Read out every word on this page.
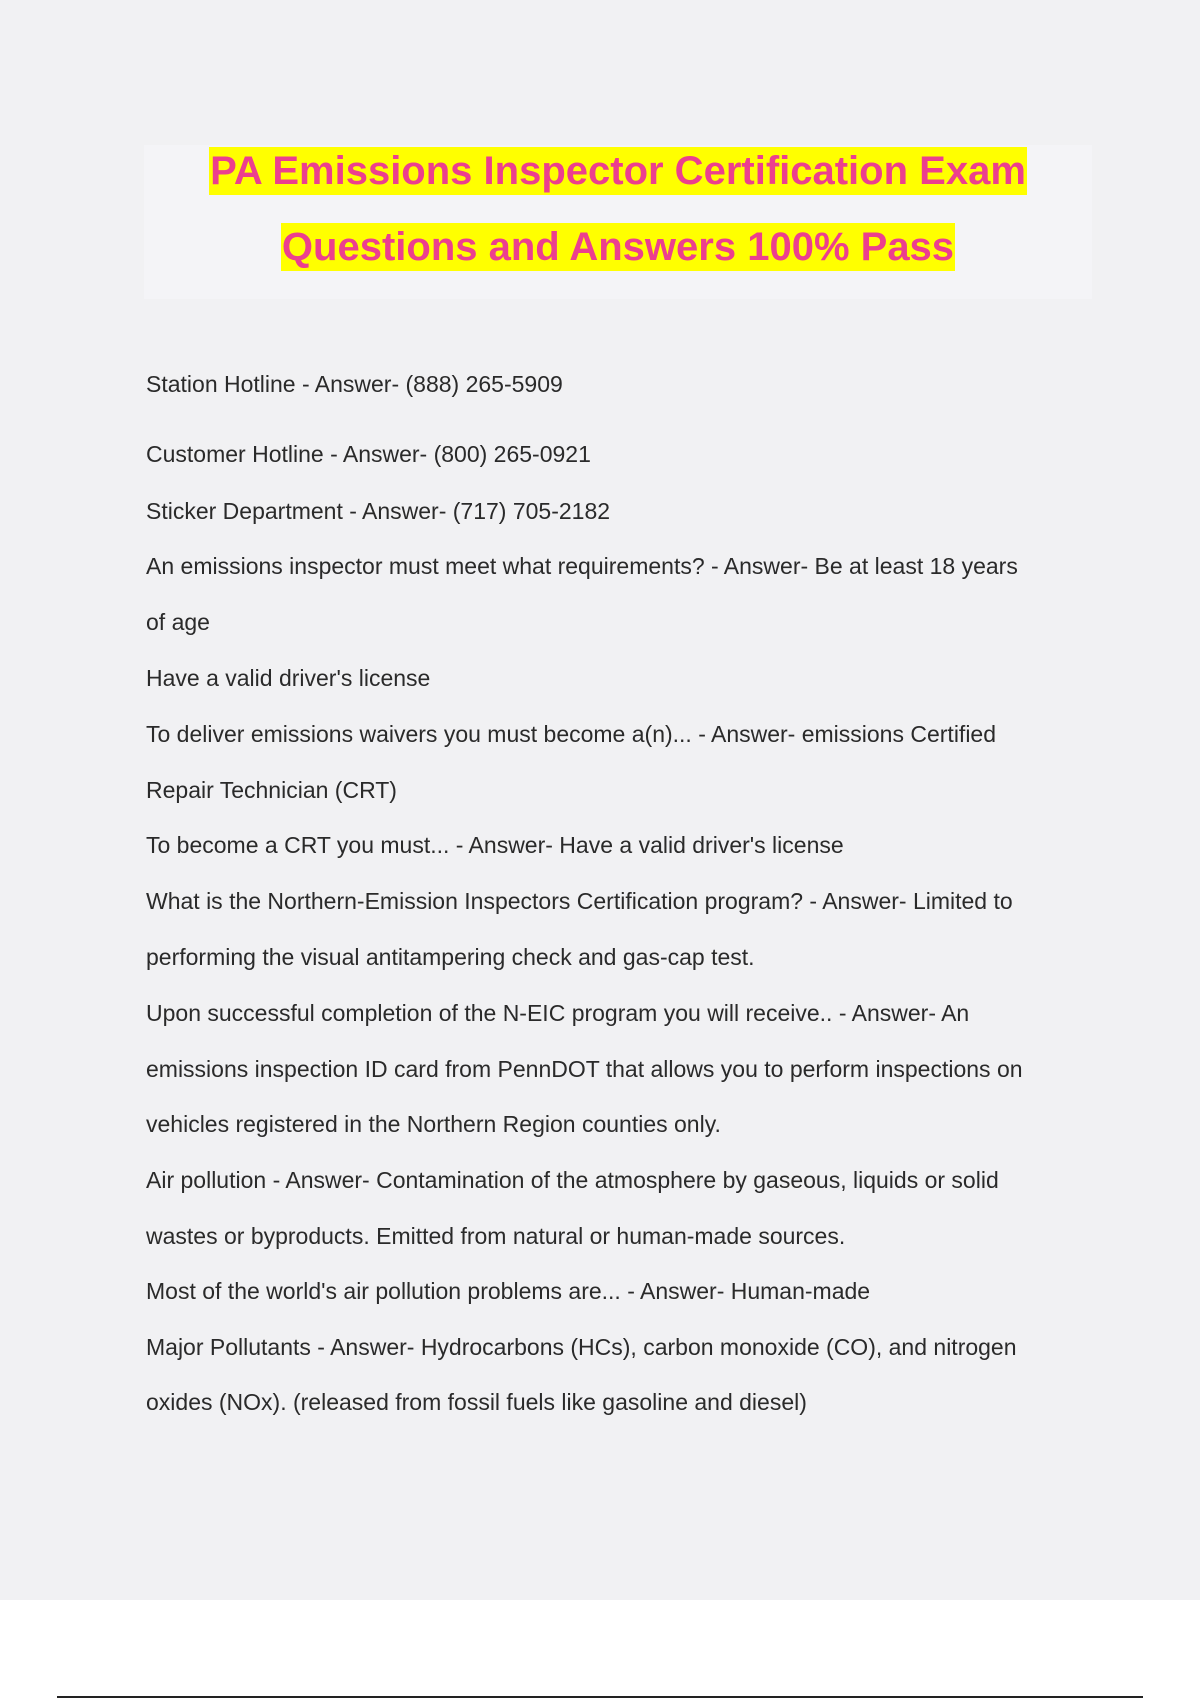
PA Emissions Inspector Certification Exam
Questions and Answers 100% Pass
Station Hotline - Answer- (888) 265-5909
Customer Hotline - Answer- (800) 265-0921
Sticker Department - Answer- (717) 705-2182
An emissions inspector must meet what requirements? - Answer- Be at least 18 years
of age
Have a valid driver's license
To deliver emissions waivers you must become a(n)... - Answer- emissions Certified
Repair Technician (CRT)
To become a CRT you must... - Answer- Have a valid driver's license
What is the Northern-Emission Inspectors Certification program? - Answer- Limited to
performing the visual antitampering check and gas-cap test.
Upon successful completion of the N-EIC program you will receive.. - Answer- An
emissions inspection ID card from PennDOT that allows you to perform inspections on
vehicles registered in the Northern Region counties only.
Air pollution - Answer- Contamination of the atmosphere by gaseous, liquids or solid
wastes or byproducts. Emitted from natural or human-made sources.
Most of the world's air pollution problems are... - Answer- Human-made
Major Pollutants - Answer- Hydrocarbons (HCs), carbon monoxide (CO), and nitrogen
oxides (NOx). (released from fossil fuels like gasoline and diesel)
